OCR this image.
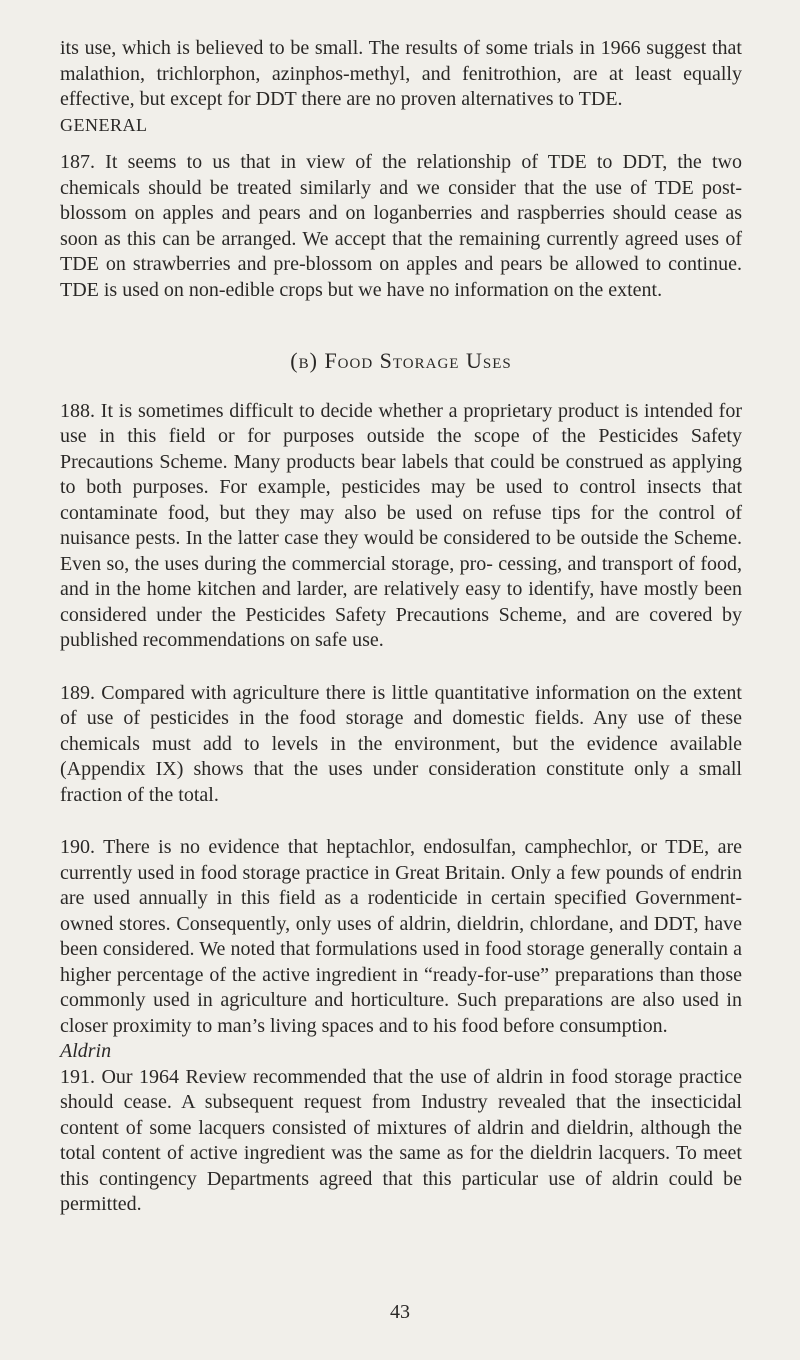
its use, which is believed to be small. The results of some trials in 1966 suggest that malathion, trichlorphon, azinphos-methyl, and fenitrothion, are at least equally effective, but except for DDT there are no proven alternatives to TDE.

GENERAL

187. It seems to us that in view of the relationship of TDE to DDT, the two chemicals should be treated similarly and we consider that the use of TDE post-blossom on apples and pears and on loganberries and raspberries should cease as soon as this can be arranged. We accept that the remaining currently agreed uses of TDE on strawberries and pre-blossom on apples and pears be allowed to continue. TDE is used on non-edible crops but we have no information on the extent.

(b) Food Storage Uses

188. It is sometimes difficult to decide whether a proprietary product is intended for use in this field or for purposes outside the scope of the Pesticides Safety Precautions Scheme. Many products bear labels that could be construed as applying to both purposes. For example, pesticides may be used to control insects that contaminate food, but they may also be used on refuse tips for the control of nuisance pests. In the latter case they would be considered to be outside the Scheme. Even so, the uses during the commercial storage, pro- cessing, and transport of food, and in the home kitchen and larder, are relatively easy to identify, have mostly been considered under the Pesticides Safety Precautions Scheme, and are covered by published recommendations on safe use.

189. Compared with agriculture there is little quantitative information on the extent of use of pesticides in the food storage and domestic fields. Any use of these chemicals must add to levels in the environment, but the evidence available (Appendix IX) shows that the uses under consideration constitute only a small fraction of the total.

190. There is no evidence that heptachlor, endosulfan, camphechlor, or TDE, are currently used in food storage practice in Great Britain. Only a few pounds of endrin are used annually in this field as a rodenticide in certain specified Government-owned stores. Consequently, only uses of aldrin, dieldrin, chlordane, and DDT, have been considered. We noted that formulations used in food storage generally contain a higher percentage of the active ingredient in “ready-for-use” preparations than those commonly used in agriculture and horticulture. Such preparations are also used in closer proximity to man’s living spaces and to his food before consumption.

Aldrin

191. Our 1964 Review recommended that the use of aldrin in food storage practice should cease. A subsequent request from Industry revealed that the insecticidal content of some lacquers consisted of mixtures of aldrin and dieldrin, although the total content of active ingredient was the same as for the dieldrin lacquers. To meet this contingency Departments agreed that this particular use of aldrin could be permitted.

43
